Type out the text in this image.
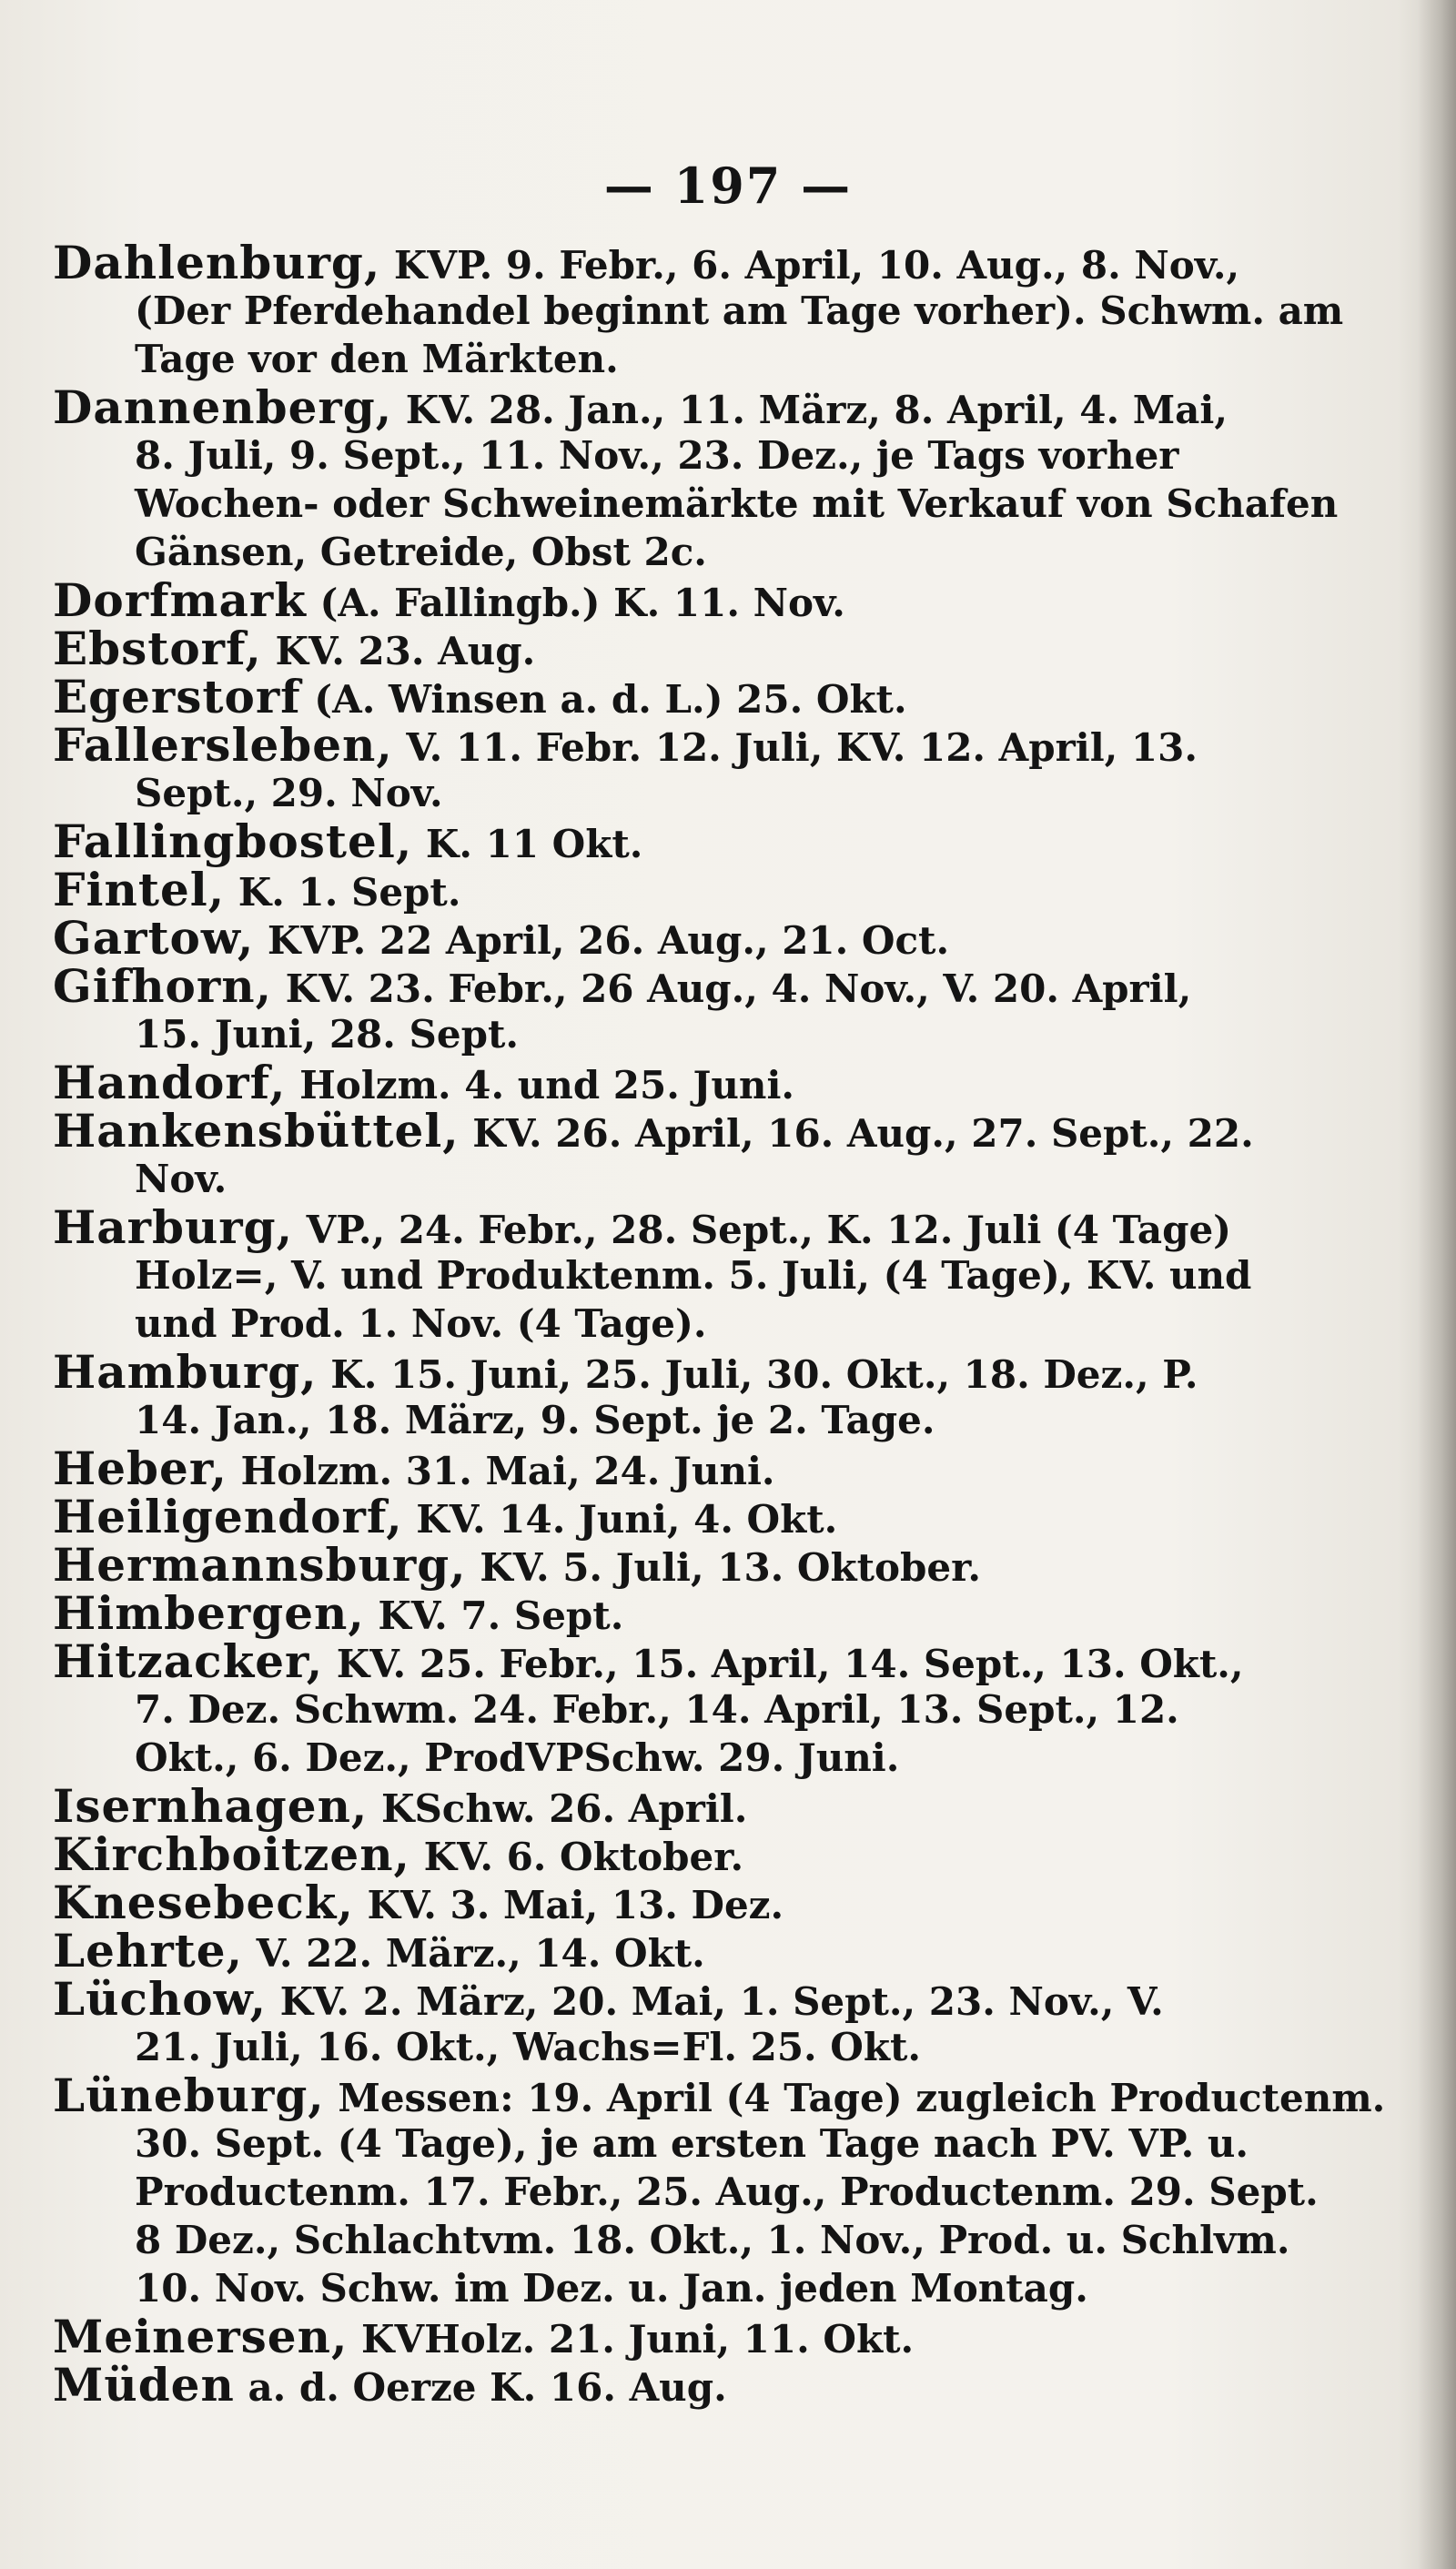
— 197 —
Dahlenburg, KVP. 9. Febr., 6. April, 10. Aug., 8. Nov.,
(Der Pferdehandel beginnt am Tage vorher). Schwm. am
Tage vor den Märkten.
Dannenberg, KV. 28. Jan., 11. März, 8. April, 4. Mai,
8. Juli, 9. Sept., 11. Nov., 23. Dez., je Tags vorher
Wochen- oder Schweinemärkte mit Verkauf von Schafen
Gänsen, Getreide, Obst 2c.
Dorfmark (A. Fallingb.) K. 11. Nov.
Ebstorf, KV. 23. Aug.
Egerstorf (A. Winsen a. d. L.) 25. Okt.
Fallersleben, V. 11. Febr. 12. Juli, KV. 12. April, 13.
Sept., 29. Nov.
Fallingbostel, K. 11 Okt.
Fintel, K. 1. Sept.
Gartow, KVP. 22 April, 26. Aug., 21. Oct.
Gifhorn, KV. 23. Febr., 26 Aug., 4. Nov., V. 20. April,
15. Juni, 28. Sept.
Handorf, Holzm. 4. und 25. Juni.
Hankensbüttel, KV. 26. April, 16. Aug., 27. Sept., 22.
Nov.
Harburg, VP., 24. Febr., 28. Sept., K. 12. Juli (4 Tage)
Holz=, V. und Produktenm. 5. Juli, (4 Tage), KV. und
und Prod. 1. Nov. (4 Tage).
Hamburg, K. 15. Juni, 25. Juli, 30. Okt., 18. Dez., P.
14. Jan., 18. März, 9. Sept. je 2. Tage.
Heber, Holzm. 31. Mai, 24. Juni.
Heiligendorf, KV. 14. Juni, 4. Okt.
Hermannsburg, KV. 5. Juli, 13. Oktober.
Himbergen, KV. 7. Sept.
Hitzacker, KV. 25. Febr., 15. April, 14. Sept., 13. Okt.,
7. Dez. Schwm. 24. Febr., 14. April, 13. Sept., 12.
Okt., 6. Dez., ProdVPSchw. 29. Juni.
Isernhagen, KSchw. 26. April.
Kirchboitzen, KV. 6. Oktober.
Knesebeck, KV. 3. Mai, 13. Dez.
Lehrte, V. 22. März., 14. Okt.
Lüchow, KV. 2. März, 20. Mai, 1. Sept., 23. Nov., V.
21. Juli, 16. Okt., Wachs=Fl. 25. Okt.
Lüneburg, Messen: 19. April (4 Tage) zugleich Productenm.
30. Sept. (4 Tage), je am ersten Tage nach PV. VP. u.
Productenm. 17. Febr., 25. Aug., Productenm. 29. Sept.
8 Dez., Schlachtvm. 18. Okt., 1. Nov., Prod. u. Schlvm.
10. Nov. Schw. im Dez. u. Jan. jeden Montag.
Meinersen, KVHolz. 21. Juni, 11. Okt.
Müden a. d. Oerze K. 16. Aug.
